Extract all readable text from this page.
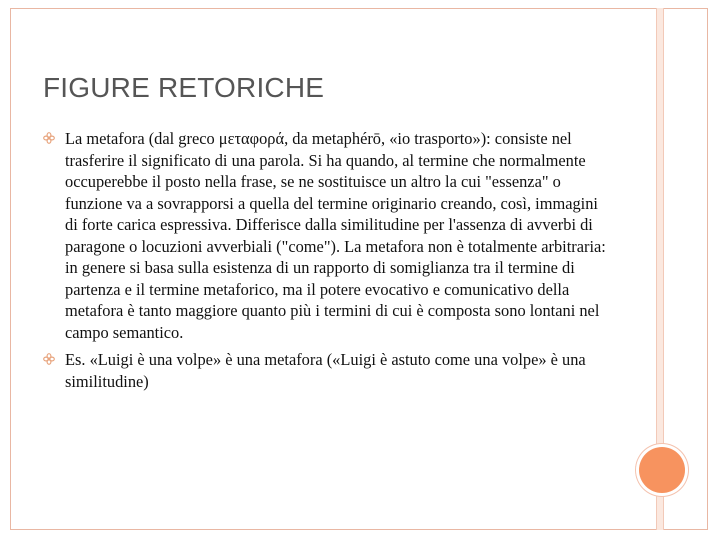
FIGURE RETORICHE
La metafora (dal greco μεταφορά, da metaphérō, «io trasporto»): consiste nel trasferire il significato di una parola. Si ha quando, al termine che normalmente occuperebbe il posto nella frase, se ne sostituisce un altro la cui "essenza" o funzione va a sovrapporsi a quella del termine originario creando, così, immagini di forte carica espressiva. Differisce dalla similitudine per l'assenza di avverbi di paragone o locuzioni avverbiali ("come"). La metafora non è totalmente arbitraria: in genere si basa sulla esistenza di un rapporto di somiglianza tra il termine di partenza e il termine metaforico, ma il potere evocativo e comunicativo della metafora è tanto maggiore quanto più i termini di cui è composta sono lontani nel campo semantico.
Es. «Luigi è una volpe» è una metafora («Luigi è astuto come una volpe» è una similitudine)
